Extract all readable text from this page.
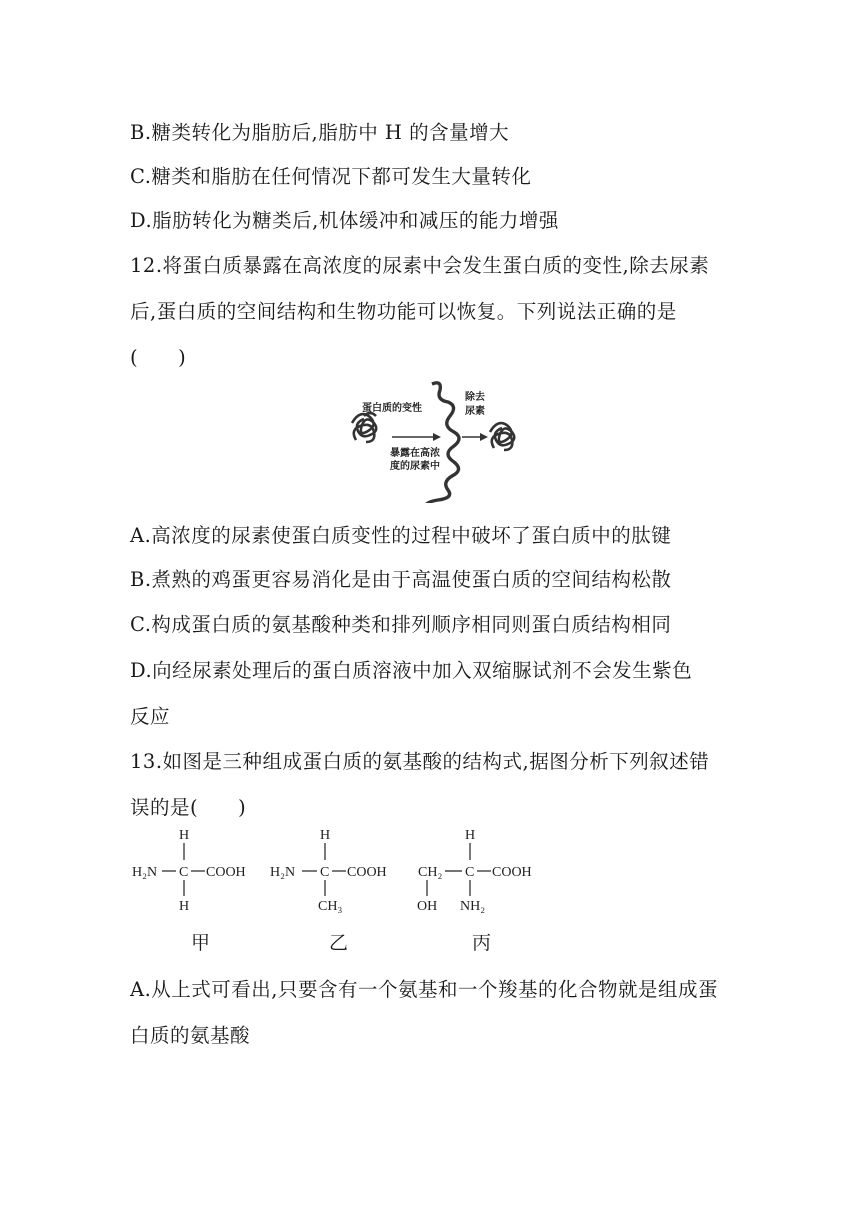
B.糖类转化为脂肪后,脂肪中 H 的含量增大
C.糖类和脂肪在任何情况下都可发生大量转化
D.脂肪转化为糖类后,机体缓冲和减压的能力增强
12.将蛋白质暴露在高浓度的尿素中会发生蛋白质的变性,除去尿素
后,蛋白质的空间结构和生物功能可以恢复。下列说法正确的是
(　　)
蛋白质的变性
除去
尿素
暴露在高浓
度的尿素中
A.高浓度的尿素使蛋白质变性的过程中破坏了蛋白质中的肽键
B.煮熟的鸡蛋更容易消化是由于高温使蛋白质的空间结构松散
C.构成蛋白质的氨基酸种类和排列顺序相同则蛋白质结构相同
D.向经尿素处理后的蛋白质溶液中加入双缩脲试剂不会发生紫色
反应
13.如图是三种组成蛋白质的氨基酸的结构式,据图分析下列叙述错
误的是(　　)
H
H₂N C COOH
H
H
H₂N C COOH
CH₃
H
CH₂
OH
C COOH
NH₂
甲	乙	丙
A.从上式可看出,只要含有一个氨基和一个羧基的化合物就是组成蛋
白质的氨基酸
